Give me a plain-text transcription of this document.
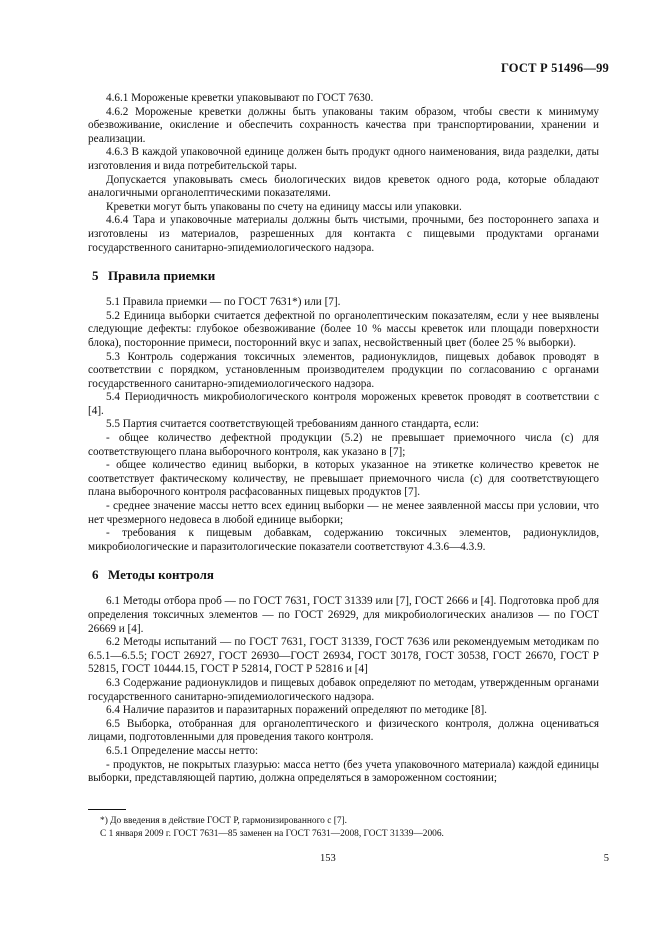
ГОСТ Р 51496—99

4.6.1 Мороженые креветки упаковывают по ГОСТ 7630.

4.6.2 Мороженые креветки должны быть упакованы таким образом, чтобы свести к минимуму обезвоживание, окисление и обеспечить сохранность качества при транспортировании, хранении и реализации.

4.6.3 В каждой упаковочной единице должен быть продукт одного наименования, вида разделки, даты изготовления и вида потребительской тары.

Допускается упаковывать смесь биологических видов креветок одного рода, которые обладают аналогичными органолептическими показателями.

Креветки могут быть упакованы по счету на единицу массы или упаковки.

4.6.4 Тара и упаковочные материалы должны быть чистыми, прочными, без постороннего запаха и изготовлены из материалов, разрешенных для контакта с пищевыми продуктами органами государственного санитарно-эпидемиологического надзора.

5 Правила приемки

5.1 Правила приемки — по ГОСТ 7631*) или [7].

5.2 Единица выборки считается дефектной по органолептическим показателям, если у нее выявлены следующие дефекты: глубокое обезвоживание (более 10 % массы креветок или площади поверхности блока), посторонние примеси, посторонний вкус и запах, несвойственный цвет (более 25 % выборки).

5.3 Контроль содержания токсичных элементов, радионуклидов, пищевых добавок проводят в соответствии с порядком, установленным производителем продукции по согласованию с органами государственного санитарно-эпидемиологического надзора.

5.4 Периодичность микробиологического контроля мороженых креветок проводят в соответствии с [4].

5.5 Партия считается соответствующей требованиям данного стандарта, если:

- общее количество дефектной продукции (5.2) не превышает приемочного числа (с) для соответствующего плана выборочного контроля, как указано в [7];

- общее количество единиц выборки, в которых указанное на этикетке количество креветок не соответствует фактическому количеству, не превышает приемочного числа (с) для соответствующего плана выборочного контроля расфасованных пищевых продуктов [7].

- среднее значение массы нетто всех единиц выборки — не менее заявленной массы при условии, что нет чрезмерного недовеса в любой единице выборки;

- требования к пищевым добавкам, содержанию токсичных элементов, радионуклидов, микробиологические и паразитологические показатели соответствуют 4.3.6—4.3.9.

6 Методы контроля

6.1 Методы отбора проб — по ГОСТ 7631, ГОСТ 31339 или [7], ГОСТ 2666 и [4]. Подготовка проб для определения токсичных элементов — по ГОСТ 26929, для микробиологических анализов — по ГОСТ 26669 и [4].

6.2 Методы испытаний — по ГОСТ 7631, ГОСТ 31339, ГОСТ 7636 или рекомендуемым методикам по 6.5.1—6.5.5; ГОСТ 26927, ГОСТ 26930—ГОСТ 26934, ГОСТ 30178, ГОСТ 30538, ГОСТ 26670, ГОСТ Р 52815, ГОСТ 10444.15, ГОСТ Р 52814, ГОСТ Р 52816 и [4]

6.3 Содержание радионуклидов и пищевых добавок определяют по методам, утвержденным органами государственного санитарно-эпидемиологического надзора.

6.4 Наличие паразитов и паразитарных поражений определяют по методике [8].

6.5 Выборка, отобранная для органолептического и физического контроля, должна оцениваться лицами, подготовленными для проведения такого контроля.

6.5.1 Определение массы нетто:

- продуктов, не покрытых глазурью: масса нетто (без учета упаковочного материала) каждой единицы выборки, представляющей партию, должна определяться в замороженном состоянии;

*) До введения в действие ГОСТ Р, гармонизированного с [7].

С 1 января 2009 г. ГОСТ 7631—85 заменен на ГОСТ 7631—2008, ГОСТ 31339—2006.

153	5
